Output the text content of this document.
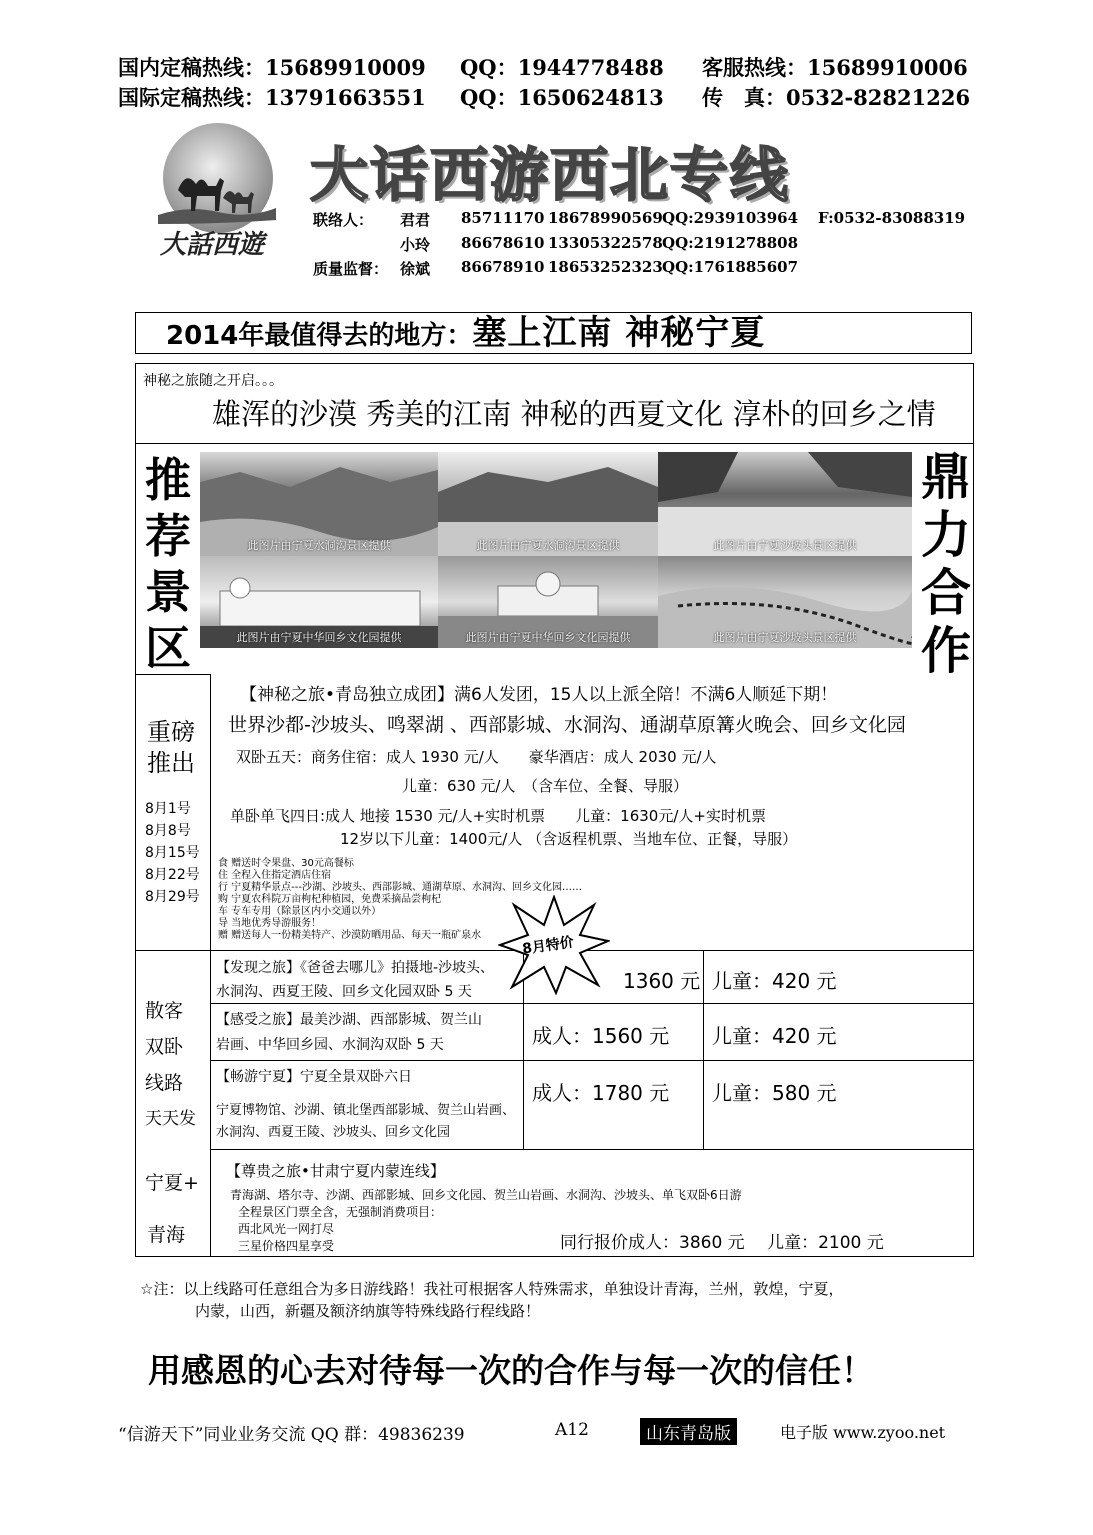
国内定稿热线：15689910009 QQ：1944778488 客服热线：15689910006
国际定稿热线：13791663551 QQ：1650624813 传　真：0532-82821226
大話西遊
大话西游西北专线
联络人： 君君 85711170 18678990569 QQ:2939103964 F:0532-83088319
小玲 86678610 13305322578 QQ:2191278808
质量监督： 徐斌 86678910 18653252323 QQ:1761885607
2014年最值得去的地方：塞上江南 神秘宁夏
神秘之旅随之开启。。。
雄浑的沙漠 秀美的江南 神秘的西夏文化 淳朴的回乡之情
推
荐
景
区
鼎
力
合
作
此图片由宁夏水洞沟景区提供	此图片由宁夏水洞沟景区提供	此图片由宁夏沙坡头景区提供
此图片由宁夏中华回乡文化园提供	此图片由宁夏中华回乡文化园提供	此图片由宁夏沙坡头景区提供
重磅
推出
8月1号
8月8号
8月15号
8月22号
8月29号
【神秘之旅•青岛独立成团】满6人发团，15人以上派全陪！不满6人顺延下期！
世界沙都-沙坡头、鸣翠湖 、西部影城、水洞沟、通湖草原篝火晚会、回乡文化园
双卧五天：商务住宿：成人 1930 元/人　　豪华酒店：成人 2030 元/人
儿童：630 元/人　（含车位、全餐、导服）
单卧单飞四日:成人 地接 1530 元/人+实时机票　　儿童：1630元/人+实时机票
12岁以下儿童：1400元/人 （含返程机票、当地车位、正餐，导服）
食 赠送时令果盘、30元高餐标
住 全程入住指定酒店住宿
行 宁夏精华景点---沙湖、沙坡头、西部影城、通湖草原、水洞沟、回乡文化园……
购 宁夏农科院万亩枸杞种植园，免费采摘品尝枸杞
车 专车专用（除景区内小交通以外）
导 当地优秀导游服务！
赠 赠送每人一份精美特产、沙漠防晒用品、每天一瓶矿泉水
散客
双卧
线路
天天发
【发现之旅】《爸爸去哪儿》拍摄地-沙坡头、
水洞沟、西夏王陵、回乡文化园双卧 5 天	1360 元 儿童：420 元
【感受之旅】最美沙湖、西部影城、贺兰山
岩画、中华回乡园、水洞沟双卧 5 天	成人：1560 元 儿童：420 元
【畅游宁夏】宁夏全景双卧六日
宁夏博物馆、沙湖、镇北堡西部影城、贺兰山岩画、
水洞沟、西夏王陵、沙坡头、回乡文化园
成人：1780 元 儿童：580 元
8月特价
宁夏+
青海
【尊贵之旅•甘肃宁夏内蒙连线】
青海湖、塔尔寺、沙湖、西部影城、回乡文化园、贺兰山岩画、水洞沟、沙坡头、单飞双卧6日游
全程景区门票全含，无强制消费项目：
西北风光一网打尽
三星价格四星享受	同行报价成人：3860 元　 儿童：2100 元
☆注：以上线路可任意组合为多日游线路！我社可根据客人特殊需求，单独设计青海，兰州，敦煌，宁夏，
内蒙，山西，新疆及额济纳旗等特殊线路行程线路！
用感恩的心去对待每一次的合作与每一次的信任！
“信游天下”同业业务交流 QQ 群：49836239	A12	山东青岛版	电子版 www.zyoo.net
